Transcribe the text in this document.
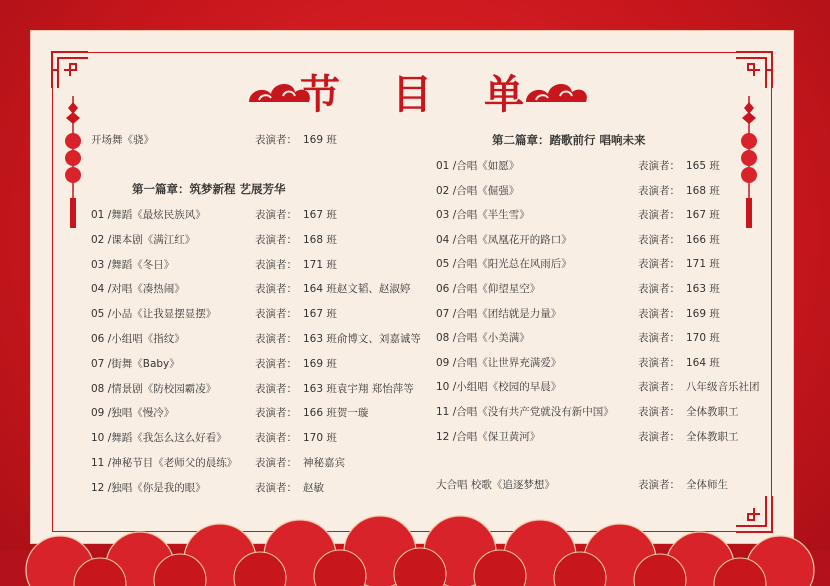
节 目 单
开场舞《骁》	表演者： 169 班
第一篇章：筑梦新程 艺展芳华
01 /舞蹈《最炫民族风》	表演者： 167 班
02 /课本剧《满江红》	表演者： 168 班
03 /舞蹈《冬日》	表演者： 171 班
04 /对唱《凑热闹》	表演者： 164 班赵文韬、赵淑婷
05 /小品《让我显摆显摆》	表演者： 167 班
06 /小组唱《指纹》	表演者： 163 班俞博文、刘嘉诚等
07 /街舞《Baby》	表演者： 169 班
08 /情景剧《防校园霸凌》	表演者： 163 班袁宇翔 郑怡萍等
09 /独唱《慢冷》	表演者： 166 班贺一璇
10 /舞蹈《我怎么这么好看》	表演者： 170 班
11 /神秘节目《老师父的晨练》 表演者： 神秘嘉宾
12 /独唱《你是我的眼》	表演者： 赵敏
第二篇章：踏歌前行 唱响未来
01 /合唱《如愿》	表演者： 165 班
02 /合唱《倔强》	表演者： 168 班
03 /合唱《半生雪》	表演者： 167 班
04 /合唱《凤凰花开的路口》	表演者： 166 班
05 /合唱《阳光总在风雨后》	表演者： 171 班
06 /合唱《仰望星空》	表演者： 163 班
07 /合唱《团结就是力量》	表演者： 169 班
08 /合唱《小美满》	表演者： 170 班
09 /合唱《让世界充满爱》	表演者： 164 班
10 /小组唱《校园的早晨》	表演者： 八年级音乐社团
11 /合唱《没有共产党就没有新中国》 表演者： 全体教职工
12 /合唱《保卫黄河》	表演者： 全体教职工
大合唱 校歌《追逐梦想》	表演者： 全体师生
